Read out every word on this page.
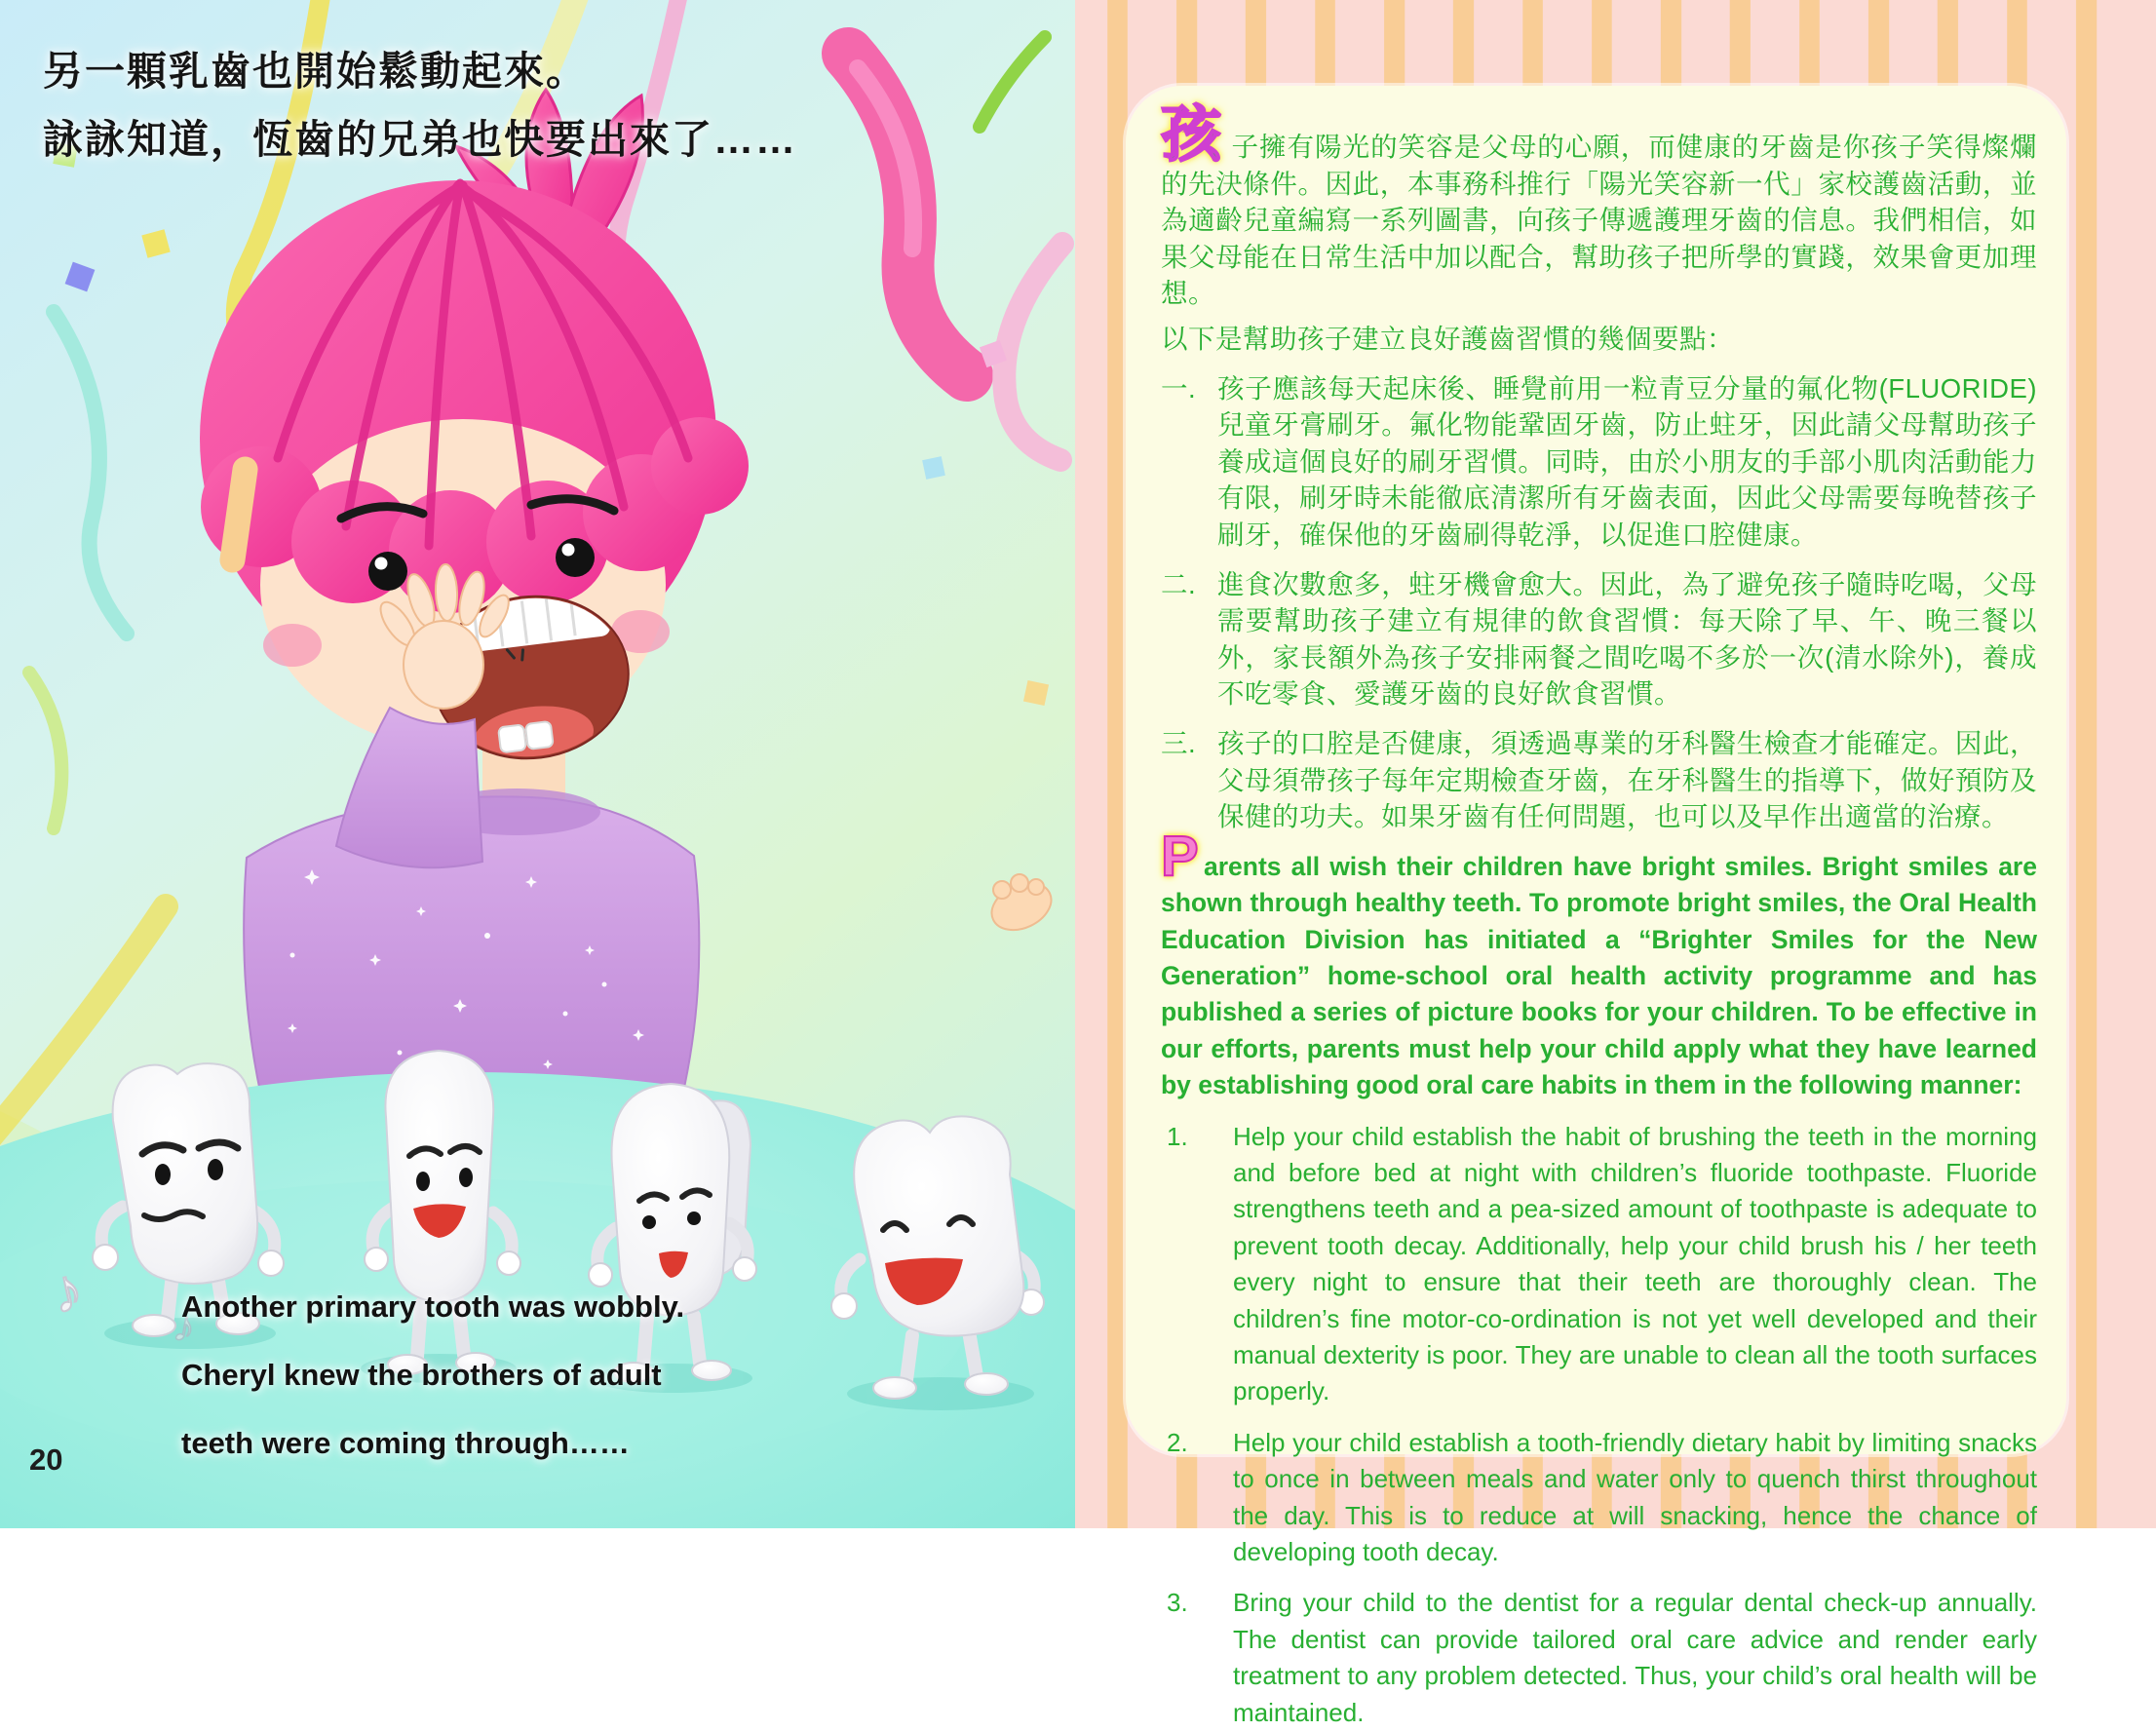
♪
另一顆乳齒也開始鬆動起來。
詠詠知道，恆齒的兄弟也快要出來了……
Another primary tooth was wobbly.
Cheryl knew the brothers of adult
teeth were coming through……
20

孩 子擁有陽光的笑容是父母的心願，而健康的牙齒是你孩子笑得燦爛的先決條件。因此，本事務科推行「陽光笑容新一代」家校護齒活動，並為適齡兒童編寫一系列圖書，向孩子傳遞護理牙齒的信息。我們相信，如果父母能在日常生活中加以配合，幫助孩子把所學的實踐，效果會更加理想。

以下是幫助孩子建立良好護齒習慣的幾個要點：

一. 孩子應該每天起床後、睡覺前用一粒青豆分量的氟化物(FLUORIDE)兒童牙膏刷牙。氟化物能鞏固牙齒，防止蛀牙，因此請父母幫助孩子養成這個良好的刷牙習慣。同時，由於小朋友的手部小肌肉活動能力有限，刷牙時未能徹底清潔所有牙齒表面，因此父母需要每晚替孩子刷牙，確保他的牙齒刷得乾淨，以促進口腔健康。
二. 進食次數愈多，蛀牙機會愈大。因此，為了避免孩子隨時吃喝，父母需要幫助孩子建立有規律的飲食習慣：每天除了早、午、晚三餐以外，家長額外為孩子安排兩餐之間吃喝不多於一次(清水除外)，養成不吃零食、愛護牙齒的良好飲食習慣。
三. 孩子的口腔是否健康，須透過專業的牙科醫生檢查才能確定。因此，父母須帶孩子每年定期檢查牙齒，在牙科醫生的指導下，做好預防及保健的功夫。如果牙齒有任何問題，也可以及早作出適當的治療。

P arents all wish their children have bright smiles. Bright smiles are shown through healthy teeth. To promote bright smiles, the Oral Health Education Division has initiated a “Brighter Smiles for the New Generation” home-school oral health activity programme and has published a series of picture books for your children. To be effective in our efforts, parents must help your child apply what they have learned by establishing good oral care habits in them in the following manner:

1. Help your child establish the habit of brushing the teeth in the morning and before bed at night with children’s fluoride toothpaste. Fluoride strengthens teeth and a pea-sized amount of toothpaste is adequate to prevent tooth decay. Additionally, help your child brush his / her teeth every night to ensure that their teeth are thoroughly clean. The children’s fine motor-co-ordination is not yet well developed and their manual dexterity is poor. They are unable to clean all the tooth surfaces properly.
2. Help your child establish a tooth-friendly dietary habit by limiting snacks to once in between meals and water only to quench thirst throughout the day. This is to reduce at will snacking, hence the chance of developing tooth decay.
3. Bring your child to the dentist for a regular dental check-up annually. The dentist can provide tailored oral care advice and render early treatment to any problem detected. Thus, your child’s oral health will be maintained.
